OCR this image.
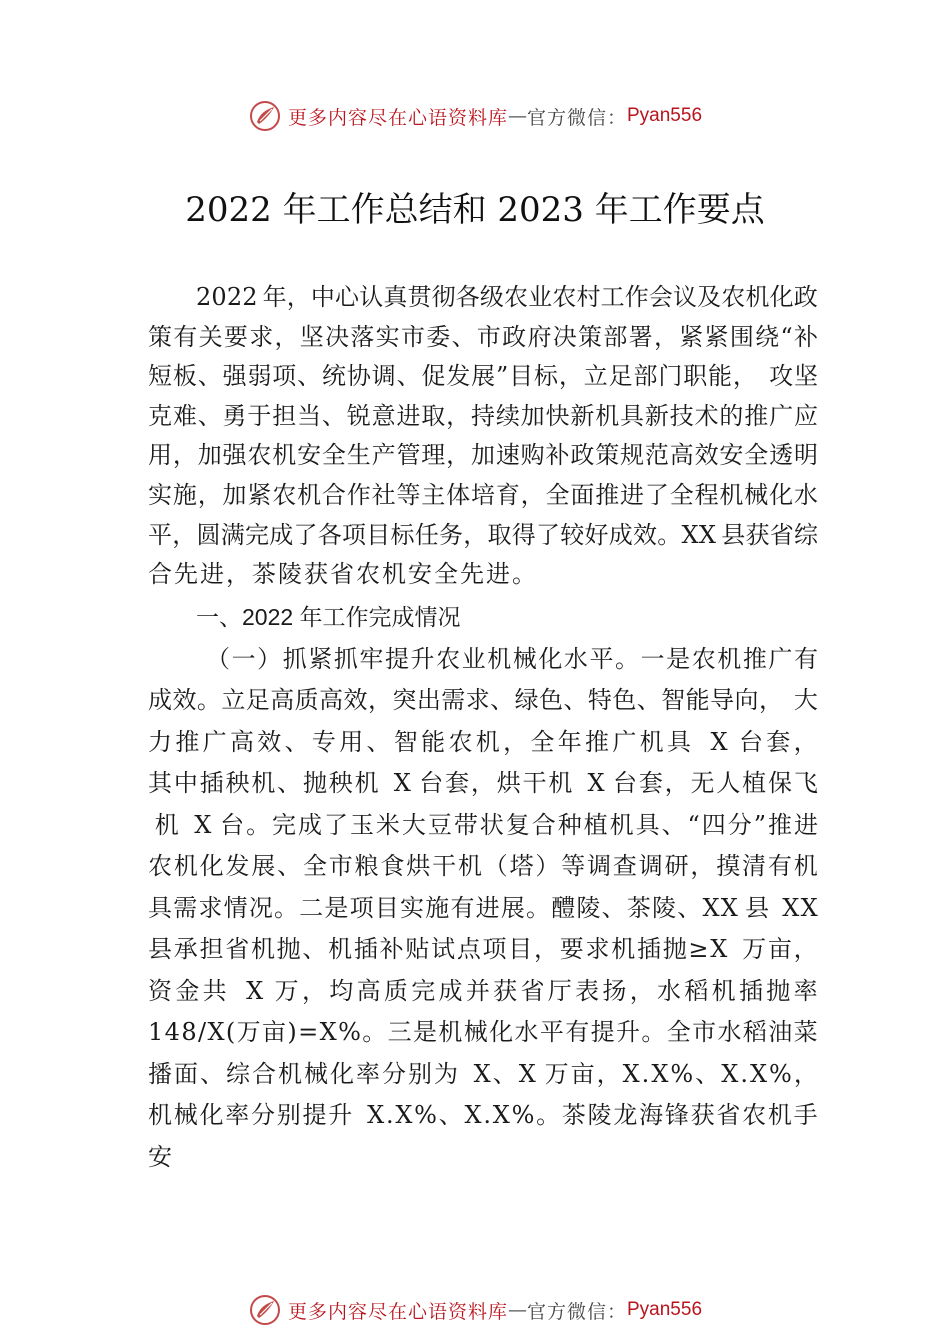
更多内容尽在心语资料库 — 官方微信： Pyan556
2022 年工作总结和 2023 年工作要点
2 0 2 2 年 ， 中 心 认 真 贯 彻 各 级 农 业 农 村 工 作 会 议 及 农 机 化 政
策 有 关 要 求 ， 坚 决 落 实 市 委 、 市 政 府 决 策 部 署 ， 紧 紧 围 绕 “ 补
短 板 、 强 弱 项 、 统 协 调 、 促 发 展 ” 目 标 ， 立 足 部 门 职 能 ， 攻 坚
克 难 、 勇 于 担 当 、 锐 意 进 取 ， 持 续 加 快 新 机 具 新 技 术 的 推 广 应
用 ， 加 强 农 机 安 全 生 产 管 理 ， 加 速 购 补 政 策 规 范 高 效 安 全 透 明
实 施 ， 加 紧 农 机 合 作 社 等 主 体 培 育 ， 全 面 推 进 了 全 程 机 械 化 水
平 ， 圆 满 完 成 了 各 项 目 标 任 务 ， 取 得 了 较 好 成 效 。 X X 县 获 省 综
合先进，茶陵获省农机安全先进。
一、2022 年工作完成情况
（ 一 ） 抓 紧 抓 牢 提 升 农 业 机 械 化 水 平 。 一 是 农 机 推 广 有
成 效 。 立 足 高 质 高 效 ， 突 出 需 求 、 绿 色 、 特 色 、 智 能 导 向 ， 大
力 推 广 高 效 、 专 用 、 智 能 农 机 ， 全 年 推 广 机 具 X 台 套 ，
其 中 插 秧 机 、 抛 秧 机 X 台 套 ， 烘 干 机 X 台 套 ， 无 人 植 保 飞
机 X 台 。 完 成 了 玉 米 大 豆 带 状 复 合 种 植 机 具 、 “ 四 分 ” 推 进
农 机 化 发 展 、 全 市 粮 食 烘 干 机 （ 塔 ） 等 调 查 调 研 ， 摸 清 有 机
具 需 求 情 况 。 二 是 项 目 实 施 有 进 展 。 醴 陵 、 茶 陵 、 X X 县 X X
县 承 担 省 机 抛 、 机 插 补 贴 试 点 项 目 ， 要 求 机 插 抛 ≥ X 万 亩 ，
资 金 共 X 万 ， 均 高 质 完 成 并 获 省 厅 表 扬 ， 水 稻 机 插 抛 率
1 4 8 / X ( 万 亩 ) = X % 。 三 是 机 械 化 水 平 有 提 升 。 全 市 水 稻 油 菜
播 面 、 综 合 机 械 化 率 分 别 为 X 、 X 万 亩 ， X . X % 、 X . X % ，
机 械 化 率 分 别 提 升 X . X % 、 X . X % 。 茶 陵 龙 海 锋 获 省 农 机 手
安
更多内容尽在心语资料库 — 官方微信： Pyan556
